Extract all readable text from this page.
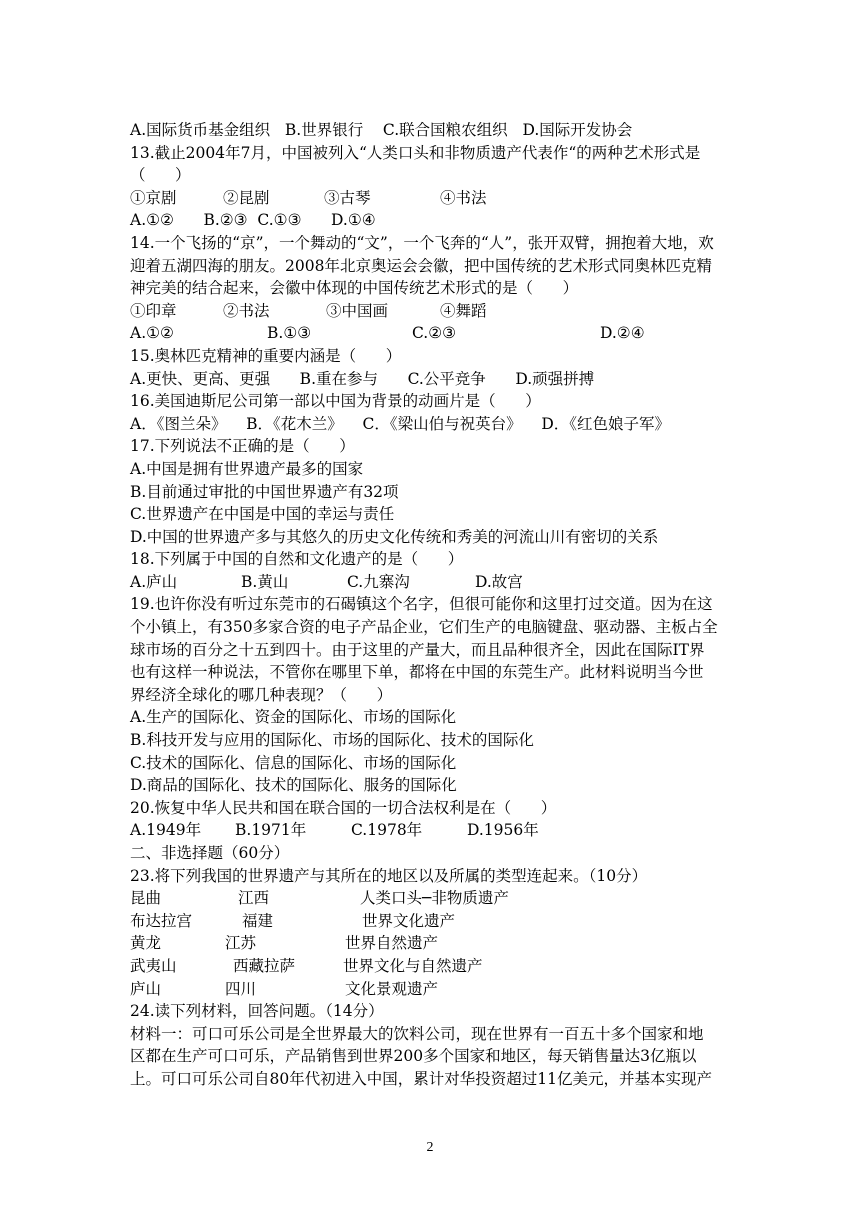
A.国际货币基金组织   B.世界银行    C.联合国粮农组织   D.国际开发协会
13.截止2004年7月，中国被列入“人类口头和非物质遗产代表作“的两种艺术形式是
（      ）
①京剧	②昆剧	③古琴	④书法
A.①②      B.②③  C.①③      D.①④
14.一个飞扬的“京”，一个舞动的“文”，一个飞奔的“人”，张开双臂，拥抱着大地，欢
迎着五湖四海的朋友。2008年北京奥运会会徽，把中国传统的艺术形式同奥林匹克精
神完美的结合起来，会徽中体现的中国传统艺术形式的是（      ）
①印章	②书法	③中国画	④舞蹈
A.①②	B.①③	C.②③	D.②④
15.奥林匹克精神的重要内涵是（      ）
A.更快、更高、更强      B.重在参与      C.公平竞争      D.顽强拼搏
16.美国迪斯尼公司第一部以中国为背景的动画片是（      ）
A．《图兰朵》    B．《花木兰》    C．《梁山伯与祝英台》    D．《红色娘子军》
17.下列说法不正确的是（      ）
A.中国是拥有世界遗产最多的国家
B.目前通过审批的中国世界遗产有32项
C.世界遗产在中国是中国的幸运与责任
D.中国的世界遗产多与其悠久的历史文化传统和秀美的河流山川有密切的关系
18.下列属于中国的自然和文化遗产的是（      ）
A.庐山	B.黄山	C.九寨沟	D.故宫
19.也许你没有听过东莞市的石碣镇这个名字，但很可能你和这里打过交道。因为在这
个小镇上，有350多家合资的电子产品企业，它们生产的电脑键盘、驱动器、主板占全
球市场的百分之十五到四十。由于这里的产量大，而且品种很齐全，因此在国际IT界
也有这样一种说法，不管你在哪里下单，都将在中国的东莞生产。此材料说明当今世
界经济全球化的哪几种表现？（      ）
A.生产的国际化、资金的国际化、市场的国际化
B.科技开发与应用的国际化、市场的国际化、技术的国际化
C.技术的国际化、信息的国际化、市场的国际化
D.商品的国际化、技术的国际化、服务的国际化
20.恢复中华人民共和国在联合国的一切合法权利是在（      ）
A.1949年 B.1971年	C.1978年	D.1956年
二、非选择题（60分）
23.将下列我国的世界遗产与其所在的地区以及所属的类型连起来。（10分）
昆曲	江西	人类口头─非物质遗产
布达拉宫	福建	世界文化遗产
黄龙	江苏	世界自然遗产
武夷山	西藏拉萨	世界文化与自然遗产
庐山	四川	文化景观遗产
24.读下列材料，回答问题。（14分）
材料一：可口可乐公司是全世界最大的饮料公司，现在世界有一百五十多个国家和地
区都在生产可口可乐，产品销售到世界200多个国家和地区，每天销售量达3亿瓶以
上。可口可乐公司自80年代初进入中国，累计对华投资超过11亿美元，并基本实现产
2
